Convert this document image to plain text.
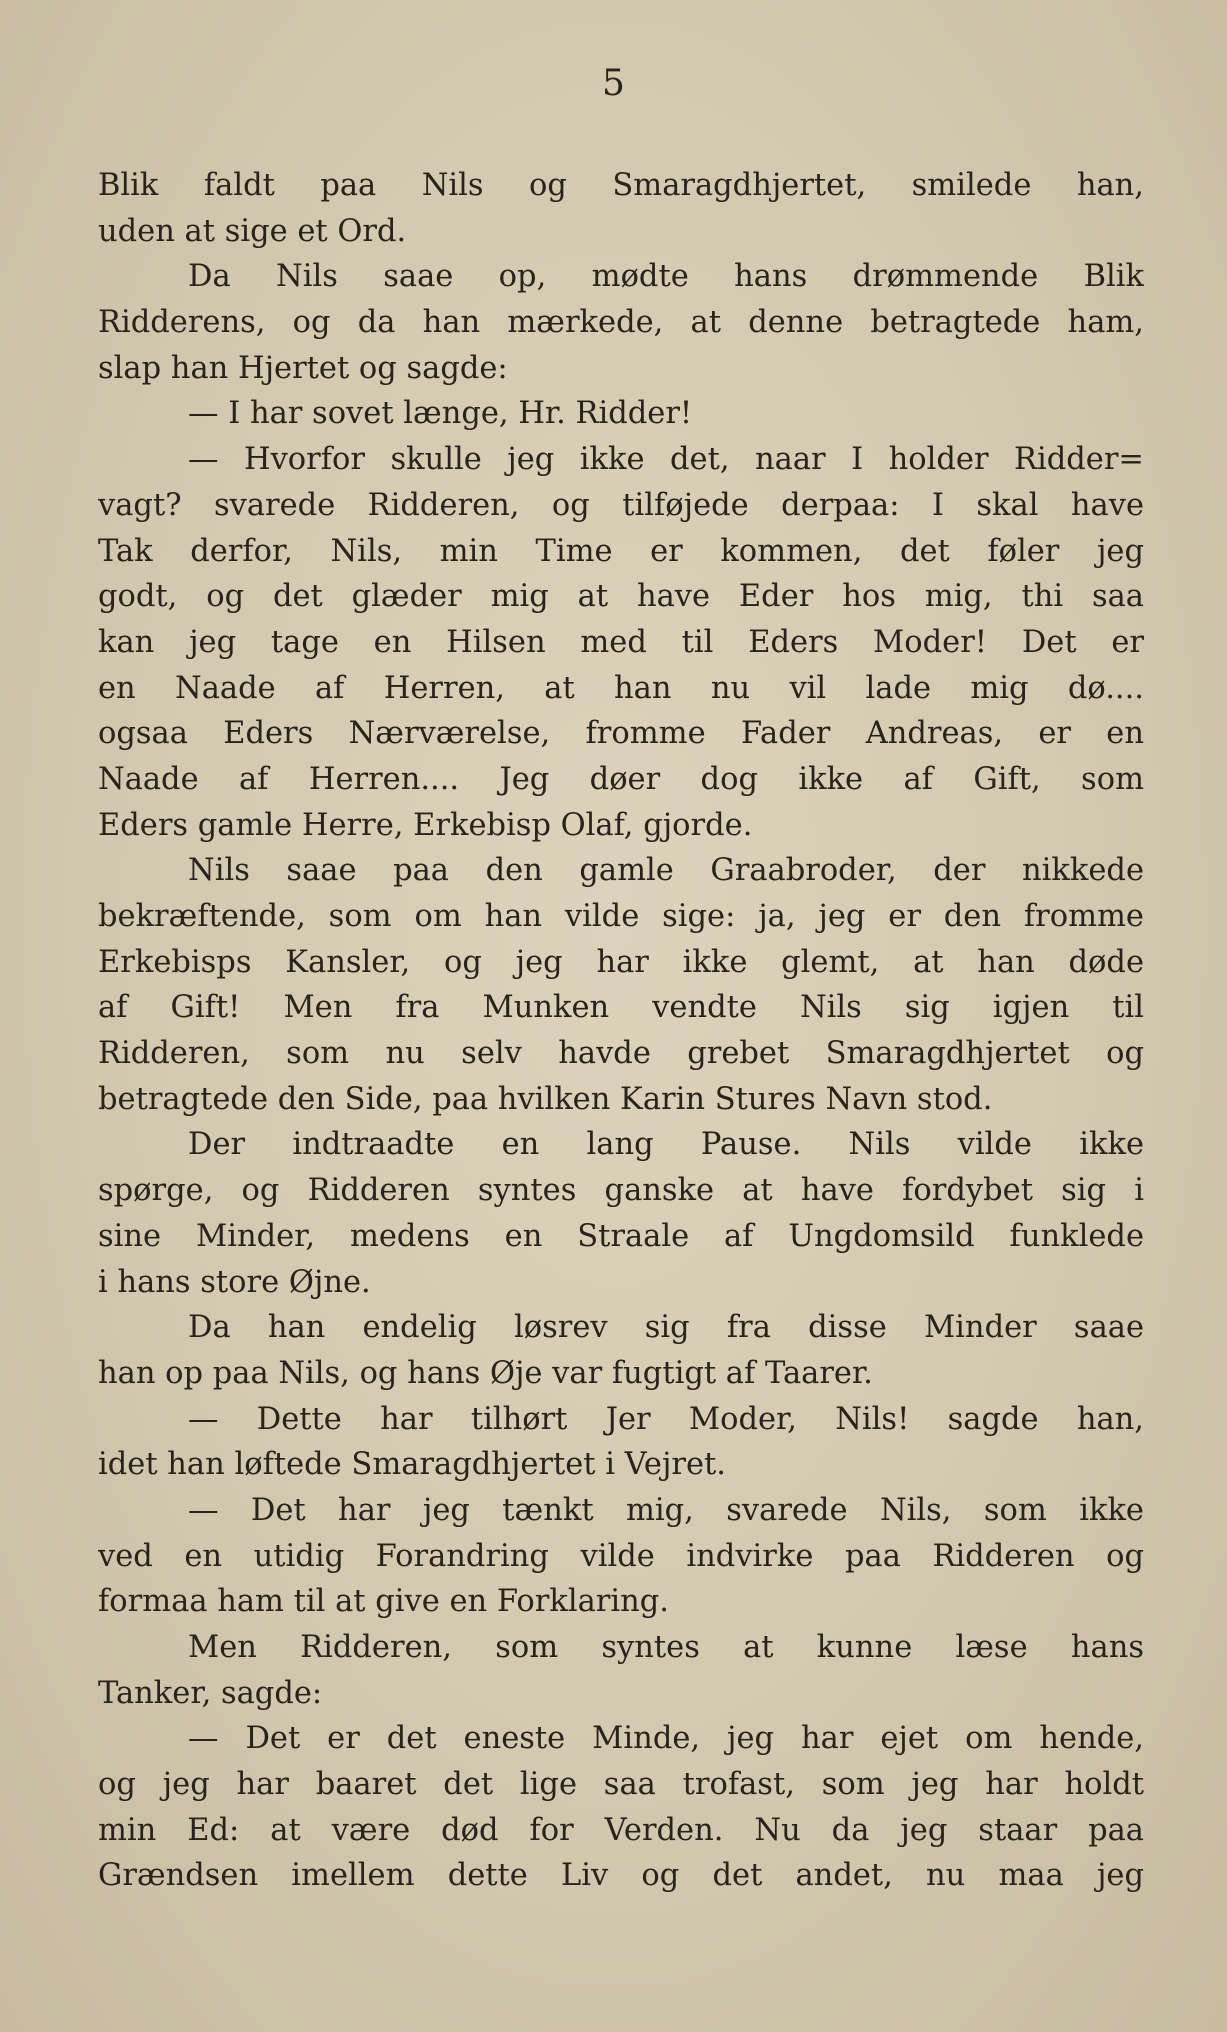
5
Blik faldt paa Nils og Smaragdhjertet, smilede han,
uden at sige et Ord.
Da Nils saae op, mødte hans drømmende Blik
Ridderens, og da han mærkede, at denne betragtede ham,
slap han Hjertet og sagde:
— I har sovet længe, Hr. Ridder!
— Hvorfor skulle jeg ikke det, naar I holder Ridder=
vagt? svarede Ridderen, og tilføjede derpaa: I skal have
Tak derfor, Nils, min Time er kommen, det føler jeg
godt, og det glæder mig at have Eder hos mig, thi saa
kan jeg tage en Hilsen med til Eders Moder! Det er
en Naade af Herren, at han nu vil lade mig dø....
ogsaa Eders Nærværelse, fromme Fader Andreas, er en
Naade af Herren.... Jeg døer dog ikke af Gift, som
Eders gamle Herre, Erkebisp Olaf, gjorde.
Nils saae paa den gamle Graabroder, der nikkede
bekræftende, som om han vilde sige: ja, jeg er den fromme
Erkebisps Kansler, og jeg har ikke glemt, at han døde
af Gift! Men fra Munken vendte Nils sig igjen til
Ridderen, som nu selv havde grebet Smaragdhjertet og
betragtede den Side, paa hvilken Karin Stures Navn stod.
Der indtraadte en lang Pause. Nils vilde ikke
spørge, og Ridderen syntes ganske at have fordybet sig i
sine Minder, medens en Straale af Ungdomsild funklede
i hans store Øjne.
Da han endelig løsrev sig fra disse Minder saae
han op paa Nils, og hans Øje var fugtigt af Taarer.
— Dette har tilhørt Jer Moder, Nils! sagde han,
idet han løftede Smaragdhjertet i Vejret.
— Det har jeg tænkt mig, svarede Nils, som ikke
ved en utidig Forandring vilde indvirke paa Ridderen og
formaa ham til at give en Forklaring.
Men Ridderen, som syntes at kunne læse hans
Tanker, sagde:
— Det er det eneste Minde, jeg har ejet om hende,
og jeg har baaret det lige saa trofast, som jeg har holdt
min Ed: at være død for Verden. Nu da jeg staar paa
Grændsen imellem dette Liv og det andet, nu maa jeg
